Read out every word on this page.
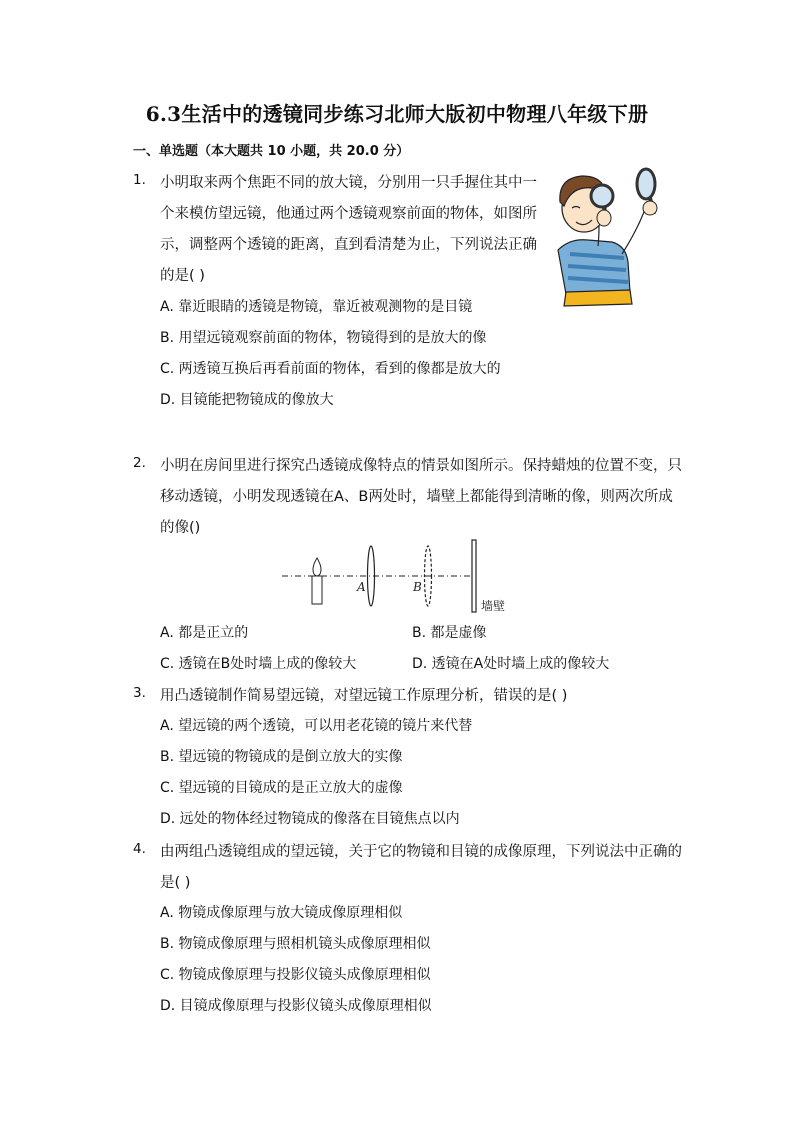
6.3生活中的透镜同步练习北师大版初中物理八年级下册
一、单选题（本大题共 10 小题，共 20.0 分）
1. 小明取来两个焦距不同的放大镜，分别用一只手握住其中一
个来模仿望远镜，他通过两个透镜观察前面的物体，如图所
示，调整两个透镜的距离，直到看清楚为止，下列说法正确
的是( )
A. 靠近眼睛的透镜是物镜，靠近被观测物的是目镜
B. 用望远镜观察前面的物体，物镜得到的是放大的像
C. 两透镜互换后再看前面的物体，看到的像都是放大的
D. 目镜能把物镜成的像放大
2. 小明在房间里进行探究凸透镜成像特点的情景如图所示。保持蜡烛的位置不变，只
移动透镜，小明发现透镜在A、B两处时，墙壁上都能得到清晰的像，则两次所成
的像()
A	B
墙壁
A. 都是正立的	B. 都是虚像
C. 透镜在B处时墙上成的像较大	D. 透镜在A处时墙上成的像较大
3. 用凸透镜制作简易望远镜，对望远镜工作原理分析，错误的是( )
A. 望远镜的两个透镜，可以用老花镜的镜片来代替
B. 望远镜的物镜成的是倒立放大的实像
C. 望远镜的目镜成的是正立放大的虚像
D. 远处的物体经过物镜成的像落在目镜焦点以内
4. 由两组凸透镜组成的望远镜，关于它的物镜和目镜的成像原理，下列说法中正确的
是( )
A. 物镜成像原理与放大镜成像原理相似
B. 物镜成像原理与照相机镜头成像原理相似
C. 物镜成像原理与投影仪镜头成像原理相似
D. 目镜成像原理与投影仪镜头成像原理相似
